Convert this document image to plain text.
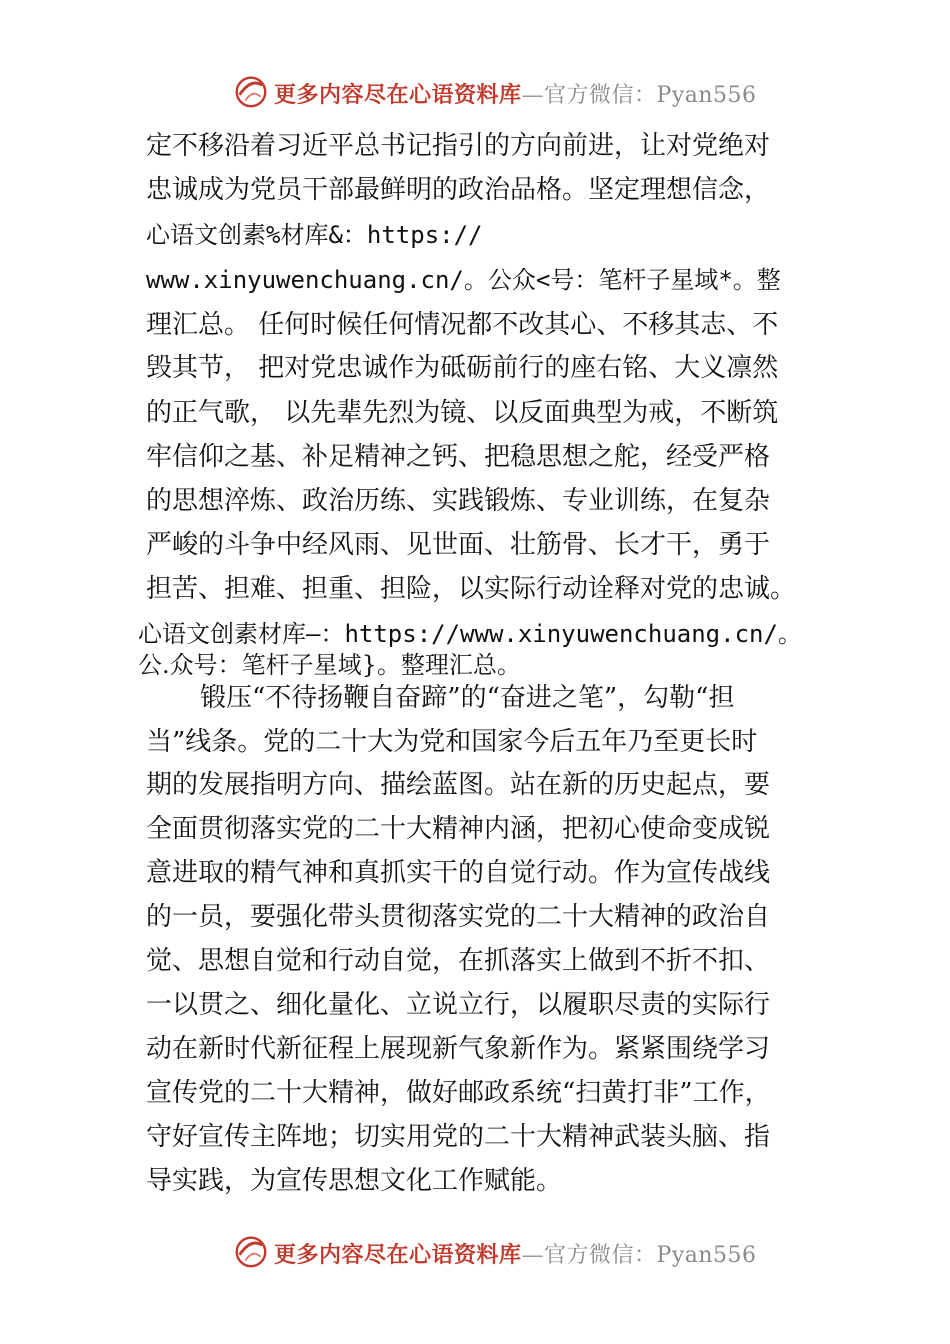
更多内容尽在心语资料库—官方微信：Pyan556
定不移沿着习近平总书记指引的方向前进，让对党绝对
忠诚成为党员干部最鲜明的政治品格。坚定理想信念，
心语文创素%材库&：https://
www.xinyuwenchuang.cn/。公众<号：笔杆子星域*。整
理汇总。 任何时候任何情况都不改其心、不移其志、不
毁其节， 把对党忠诚作为砥砺前行的座右铭、大义凛然
的正气歌， 以先辈先烈为镜、以反面典型为戒，不断筑
牢信仰之基、补足精神之钙、把稳思想之舵，经受严格
的思想淬炼、政治历练、实践锻炼、专业训练，在复杂
严峻的斗争中经风雨、见世面、壮筋骨、长才干，勇于
担苦、担难、担重、担险，以实际行动诠释对党的忠诚。
心语文创素材库—：https://www.xinyuwenchuang.cn/。
公.众号：笔杆子星域}。整理汇总。
锻压“不待扬鞭自奋蹄”的“奋进之笔”，勾勒“担
当”线条。党的二十大为党和国家今后五年乃至更长时
期的发展指明方向、描绘蓝图。站在新的历史起点，要
全面贯彻落实党的二十大精神内涵，把初心使命变成锐
意进取的精气神和真抓实干的自觉行动。作为宣传战线
的一员，要强化带头贯彻落实党的二十大精神的政治自
觉、思想自觉和行动自觉，在抓落实上做到不折不扣、
一以贯之、细化量化、立说立行，以履职尽责的实际行
动在新时代新征程上展现新气象新作为。紧紧围绕学习
宣传党的二十大精神，做好邮政系统“扫黄打非”工作，
守好宣传主阵地；切实用党的二十大精神武装头脑、指
导实践，为宣传思想文化工作赋能。
更多内容尽在心语资料库—官方微信：Pyan556
